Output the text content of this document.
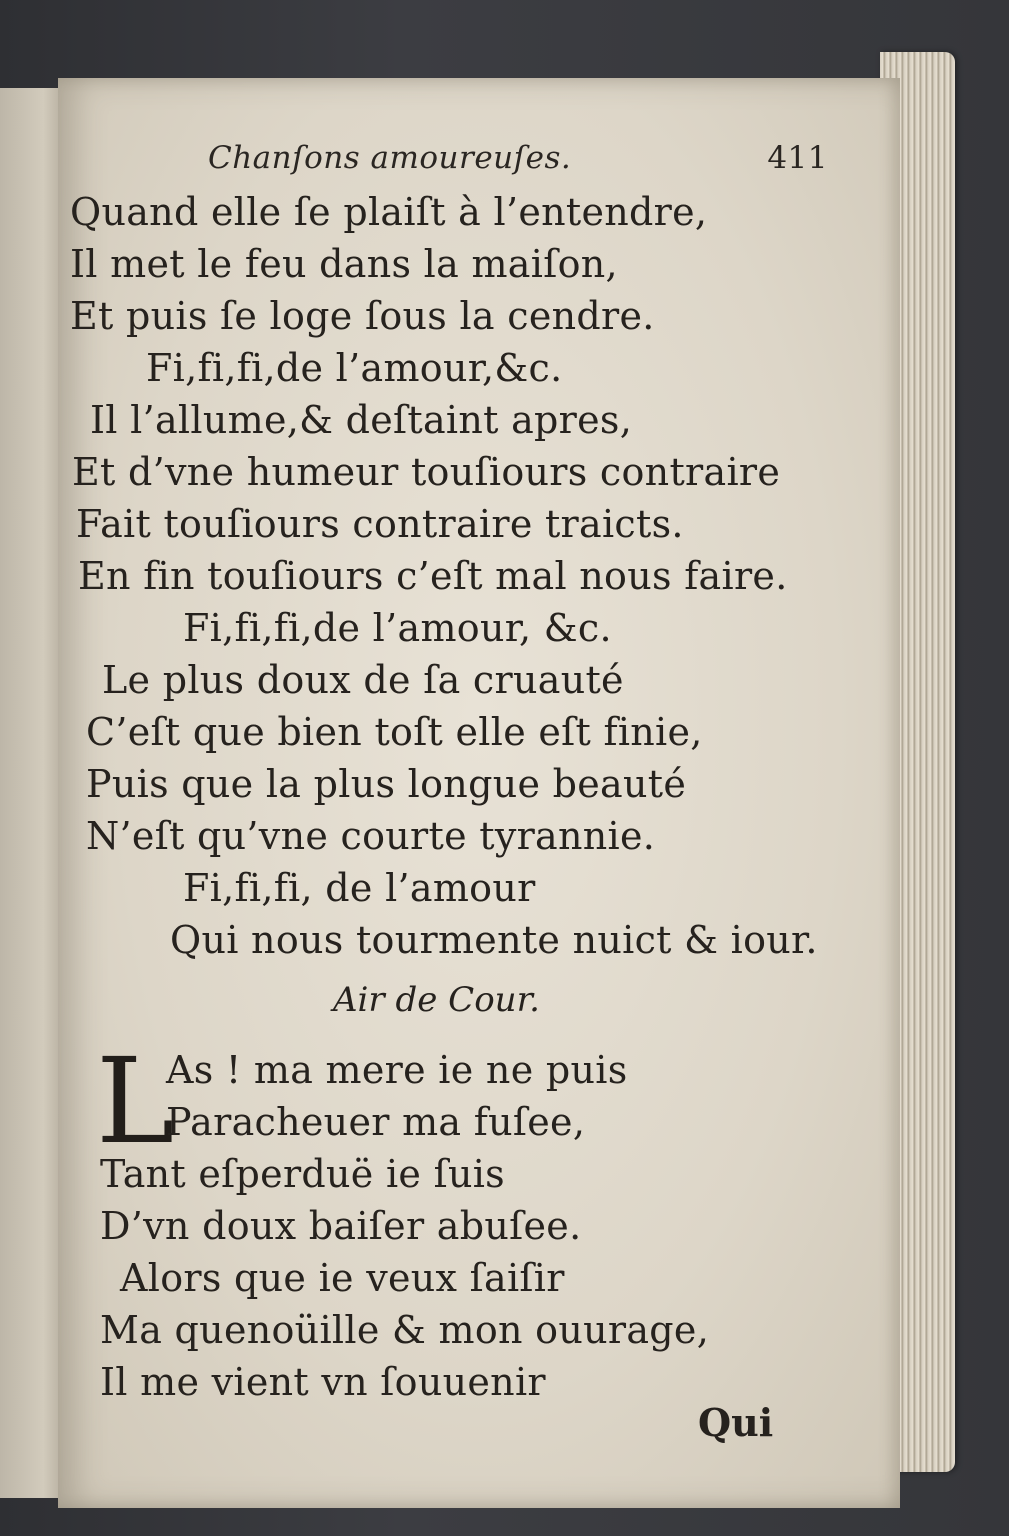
Chanſons amoureuſes.	411
Quand elle ſe plaiſt à l’entendre,
Il met le feu dans la maiſon,
Et puis ſe loge ſous la cendre.
Fi,fi,fi,de l’amour,&c.
Il l’allume,& deſtaint apres,
Et d’vne humeur touſiours contraire
Fait touſiours contraire traicts.
En fin touſiours c’eſt mal nous faire.
Fi,fi,fi,de l’amour, &c.
Le plus doux de ſa cruauté
C’eſt que bien toſt elle eſt finie,
Puis que la plus longue beauté
N’eſt qu’vne courte tyrannie.
Fi,fi,fi, de l’amour
Qui nous tourmente nuict & iour.
Air de Cour.
L
As ! ma mere ie ne puis
Paracheuer ma fuſee,
Tant eſperduë ie ſuis
D’vn doux baiſer abuſee.
Alors que ie veux ſaiſir
Ma quenoüille & mon ouurage,
Il me vient vn ſouuenir
Qui
